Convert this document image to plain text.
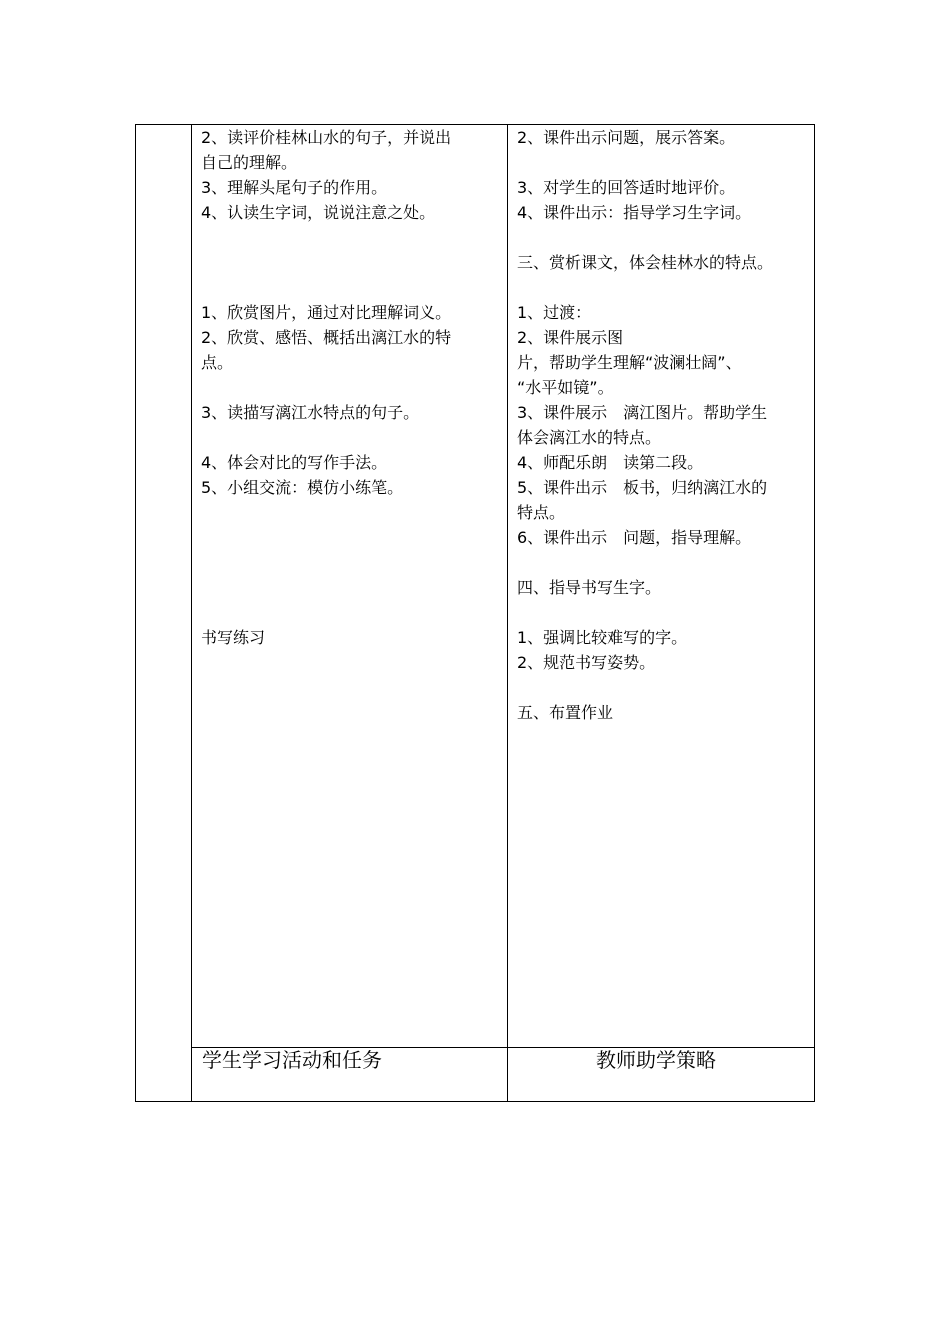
2、读评价桂林山水的句子，并说出
自己的理解。
3、理解头尾句子的作用。
4、认读生字词，说说注意之处。
1、欣赏图片，通过对比理解词义。
2、欣赏、感悟、概括出漓江水的特
点。
3、读描写漓江水特点的句子。
4、体会对比的写作手法。
5、小组交流：模仿小练笔。
书写练习
2、课件出示问题，展示答案。
3、对学生的回答适时地评价。
4、课件出示：指导学习生字词。
三、赏析课文，体会桂林水的特点。
1、过渡：
2、课件展示图
片，帮助学生理解“波澜壮阔”、
“水平如镜”。
3、课件展示　漓江图片。帮助学生
体会漓江水的特点。
4、师配乐朗　读第二段。
5、课件出示　板书，归纳漓江水的
特点。
6、课件出示　问题，指导理解。
四、指导书写生字。
1、强调比较难写的字。
2、规范书写姿势。
五、布置作业
学生学习活动和任务	教师助学策略
